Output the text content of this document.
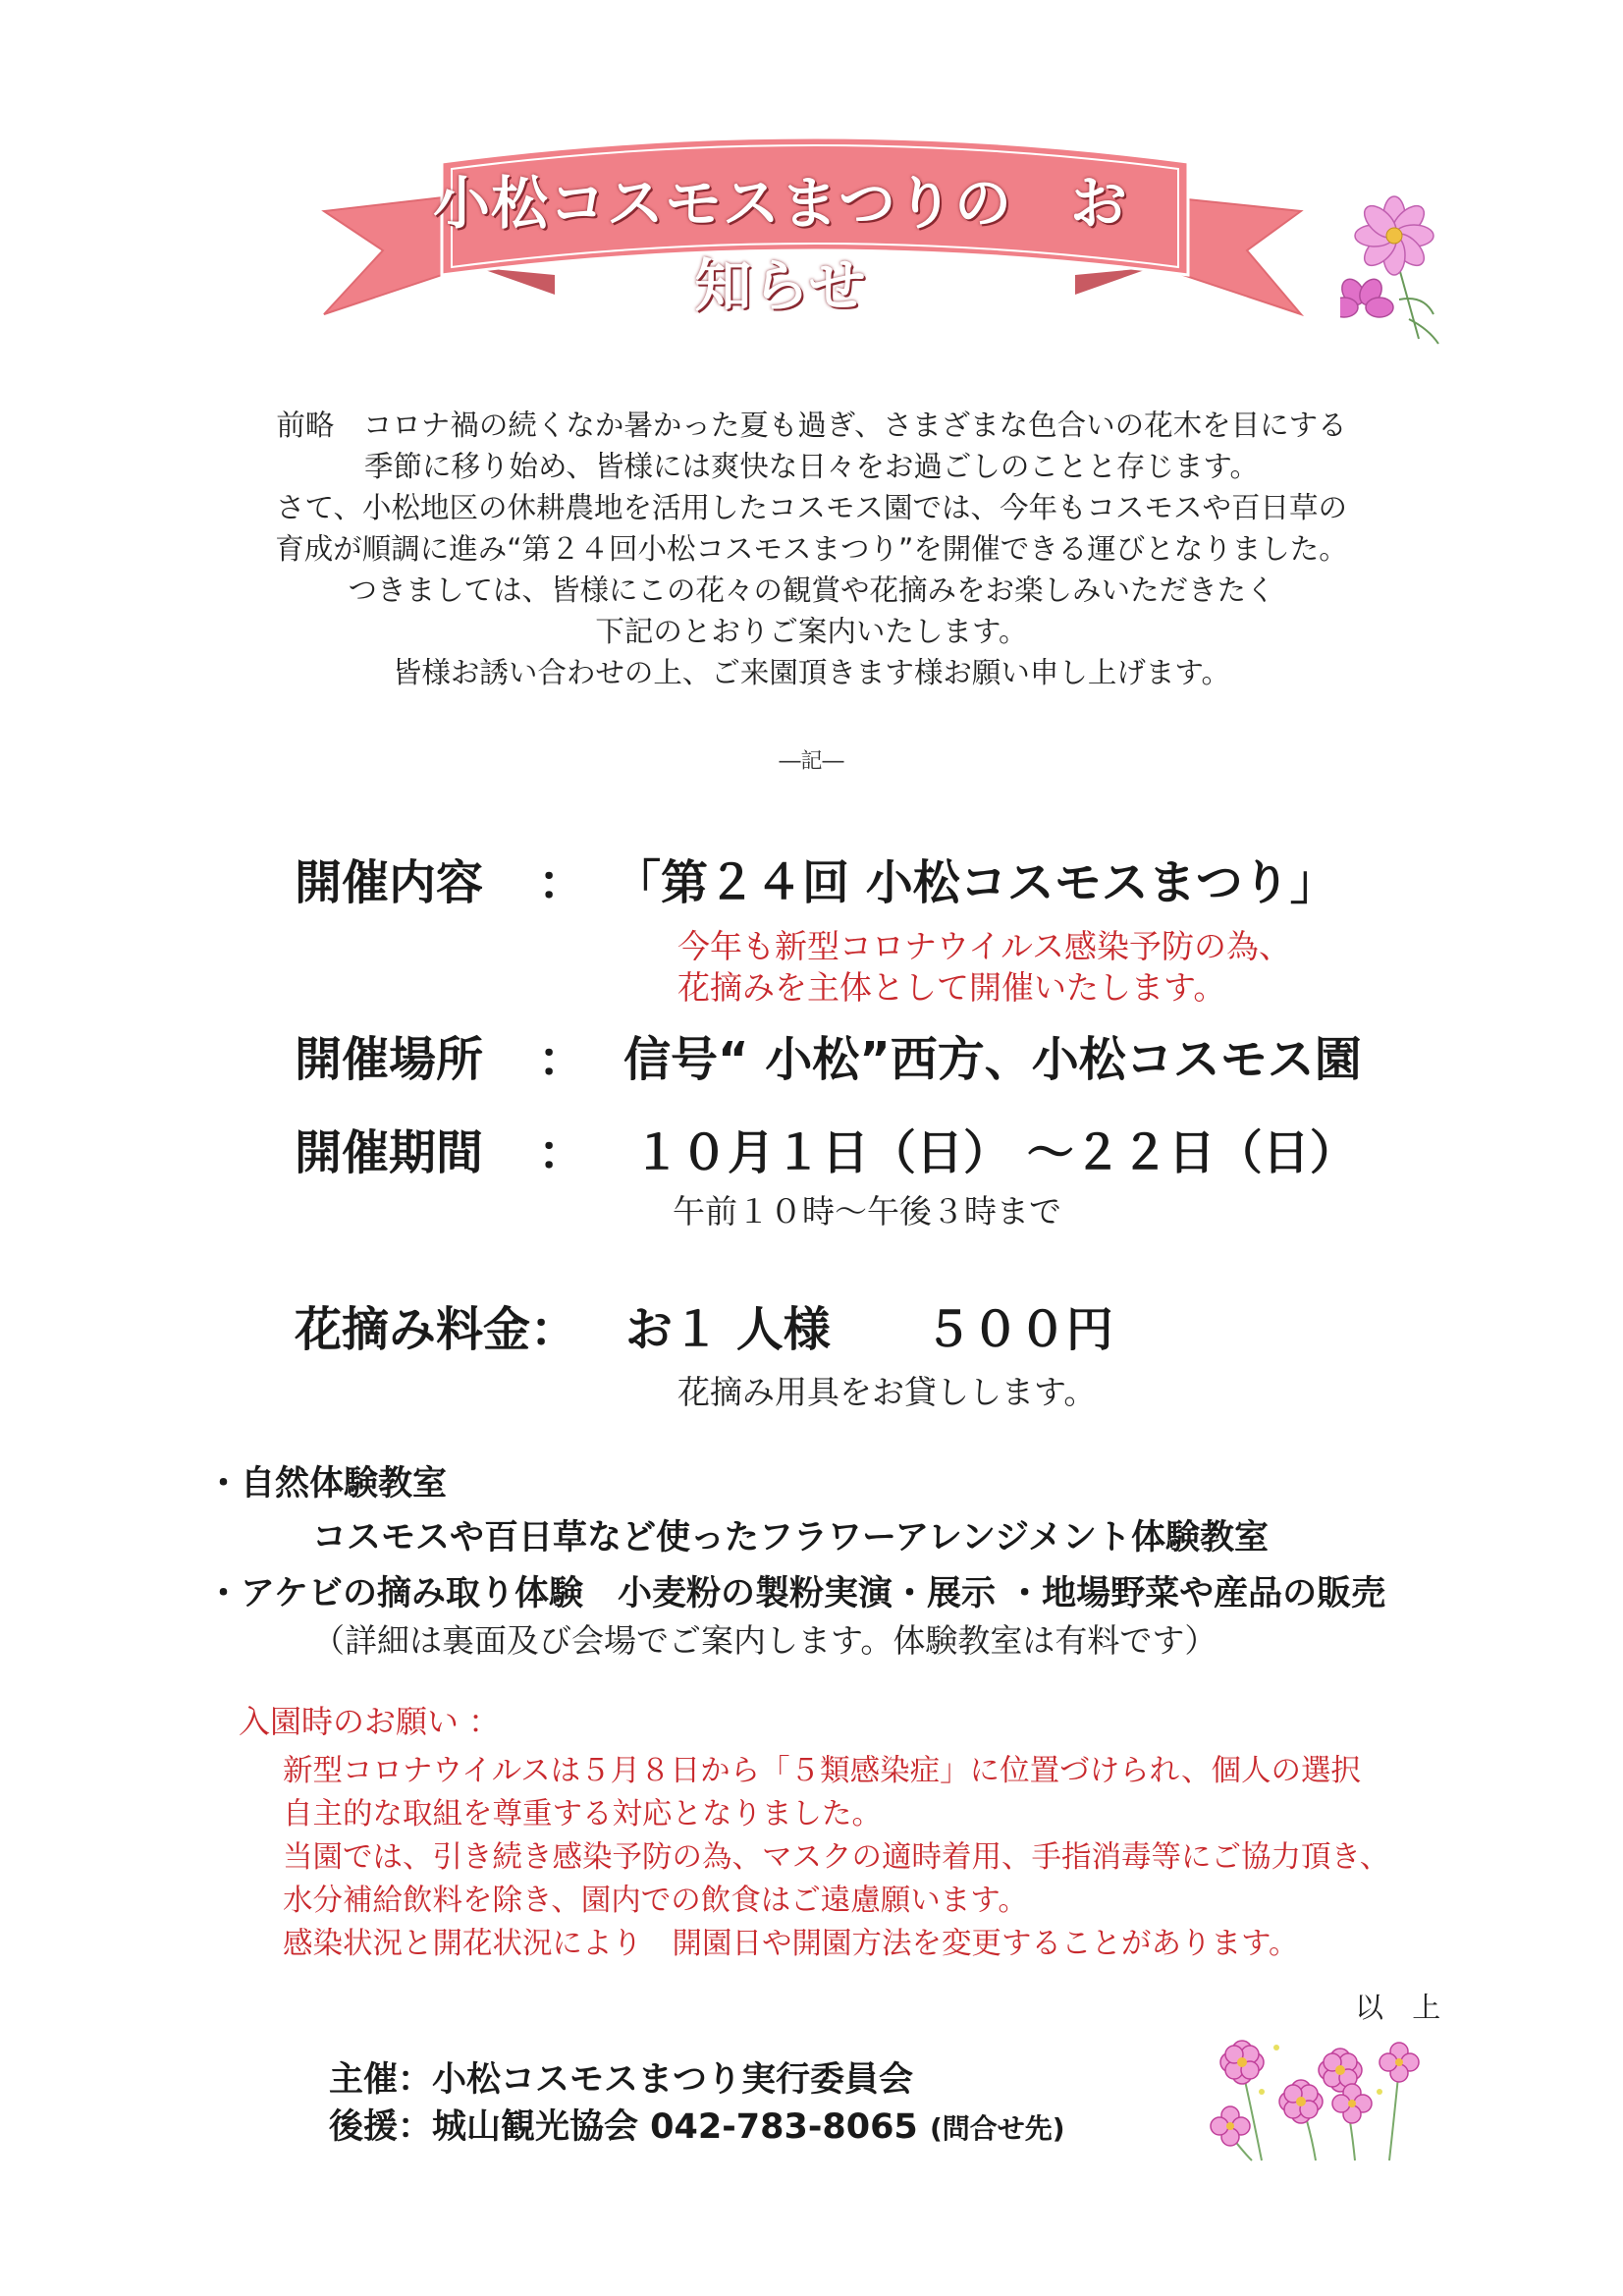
小松コスモスまつりの　お知らせ
前略　コロナ禍の続くなか暑かった夏も過ぎ、さまざまな色合いの花木を目にする
季節に移り始め、皆様には爽快な日々をお過ごしのことと存じます。
さて、小松地区の休耕農地を活用したコスモス園では、今年もコスモスや百日草の
育成が順調に進み“第２４回小松コスモスまつり”を開催できる運びとなりました。
つきましては、皆様にこの花々の観賞や花摘みをお楽しみいただきたく
下記のとおりご案内いたします。
皆様お誘い合わせの上、ご来園頂きます様お願い申し上げます。
―記―
開催内容 ： 「第２４回 小松コスモスまつり」
今年も新型コロナウイルス感染予防の為、
花摘みを主体として開催いたします。
開催場所 ： 信号“ 小松”西方、小松コスモス園
開催期間 ： １０月１日（日） ～２２日（日）
午前１０時～午後３時まで
花摘み料金： お１ 人様　　５００円
花摘み用具をお貸しします。
・自然体験教室
コスモスや百日草など使ったフラワーアレンジメント体験教室
・アケビの摘み取り体験　小麦粉の製粉実演・展示 ・地場野菜や産品の販売
（詳細は裏面及び会場でご案内します。体験教室は有料です）
入園時のお願い ：
新型コロナウイルスは５月８日から「５類感染症」に位置づけられ、個人の選択
自主的な取組を尊重する対応となりました。
当園では、引き続き感染予防の為、マスクの適時着用、手指消毒等にご協力頂き、
水分補給飲料を除き、園内での飲食はご遠慮願います。
感染状況と開花状況により　開園日や開園方法を変更することがあります。
以 上
主催：小松コスモスまつり実行委員会
後援：城山観光協会 042-783-8065 (問合せ先)
